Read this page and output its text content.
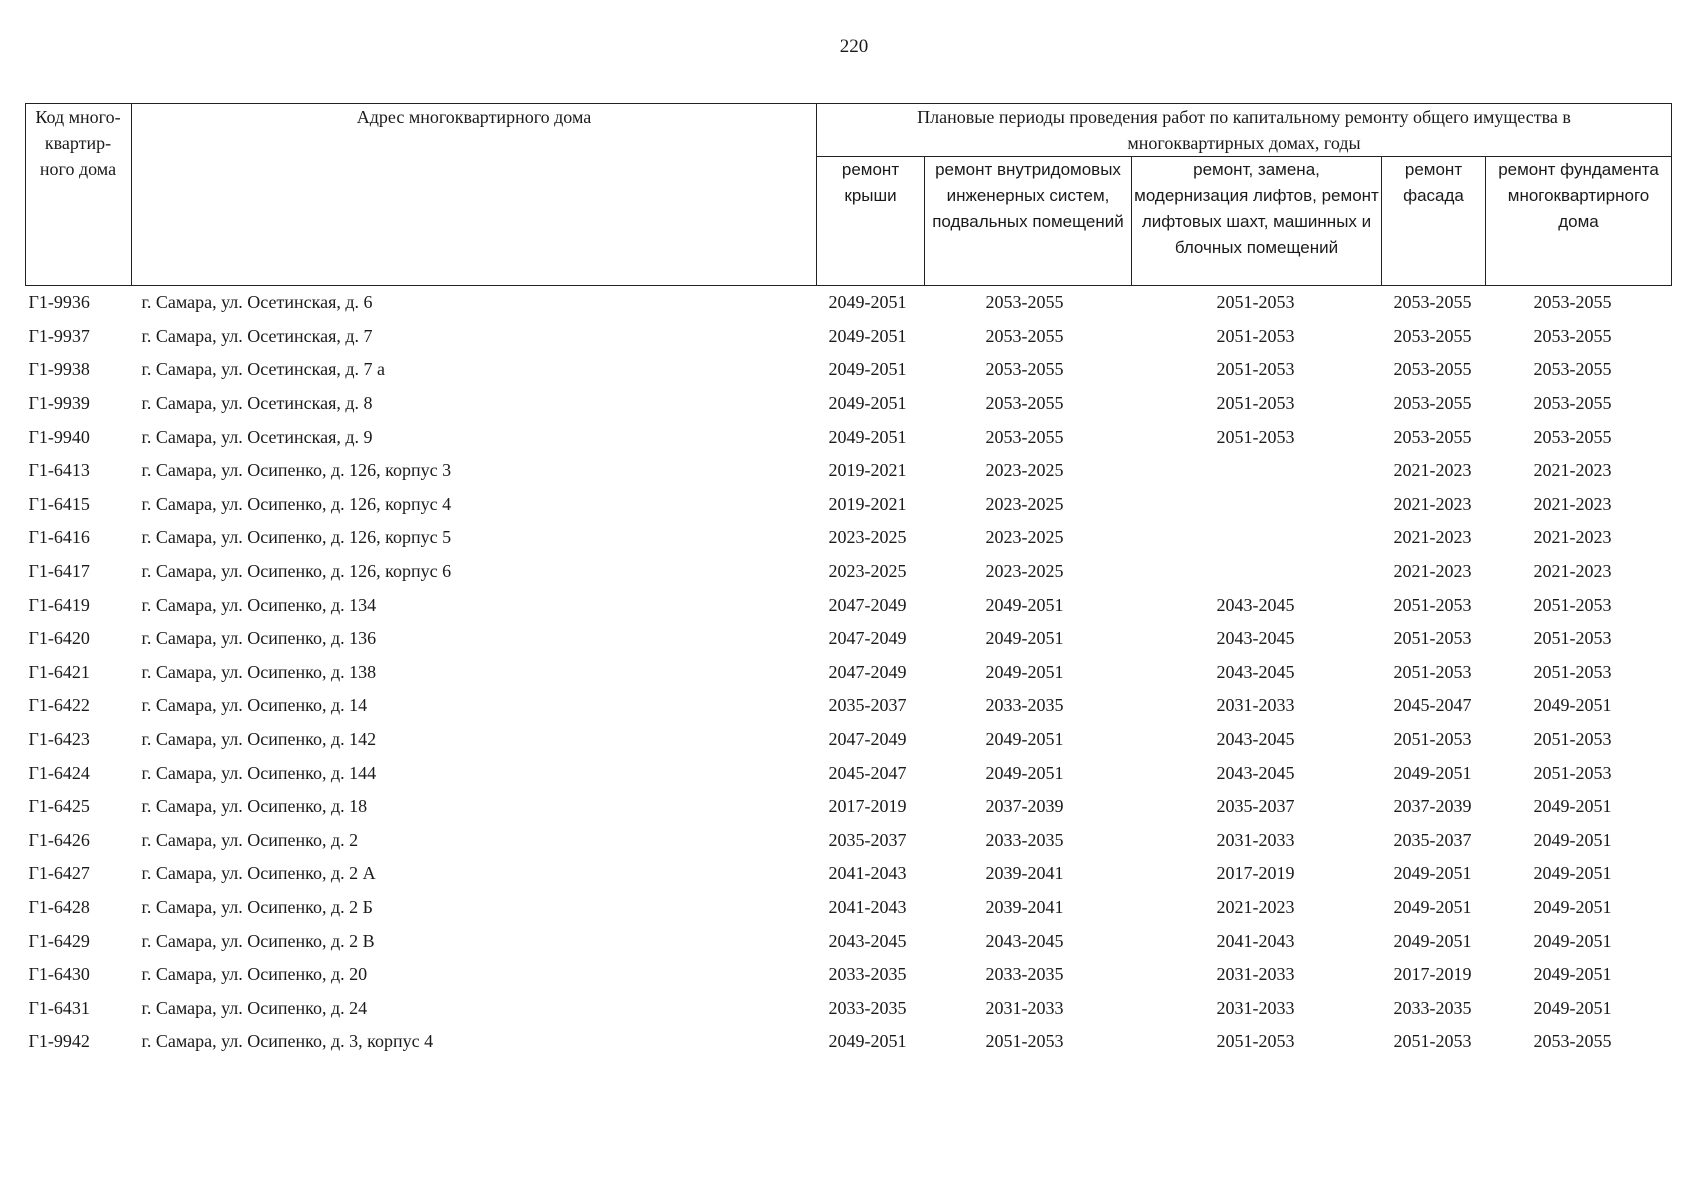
220
Код много-квартир-ного дома	Адрес многоквартирного дома	Плановые периоды проведения работ по капитальному ремонту общего имущества в многоквартирных домах, годы				
		ремонт крыши	ремонт внутридомовых инженерных систем, подвальных помещений	ремонт, замена, модернизация лифтов, ремонт лифтовых шахт, машинных и блочных помещений	ремонт фасада	ремонт фундамента многоквартирного дома
Г1-9936	г. Самара, ул. Осетинская, д. 6	2049-2051	2053-2055	2051-2053	2053-2055	2053-2055
Г1-9937	г. Самара, ул. Осетинская, д. 7	2049-2051	2053-2055	2051-2053	2053-2055	2053-2055
Г1-9938	г. Самара, ул. Осетинская, д. 7 а	2049-2051	2053-2055	2051-2053	2053-2055	2053-2055
Г1-9939	г. Самара, ул. Осетинская, д. 8	2049-2051	2053-2055	2051-2053	2053-2055	2053-2055
Г1-9940	г. Самара, ул. Осетинская, д. 9	2049-2051	2053-2055	2051-2053	2053-2055	2053-2055
Г1-6413	г. Самара, ул. Осипенко, д. 126, корпус 3	2019-2021	2023-2025		2021-2023	2021-2023
Г1-6415	г. Самара, ул. Осипенко, д. 126, корпус 4	2019-2021	2023-2025		2021-2023	2021-2023
Г1-6416	г. Самара, ул. Осипенко, д. 126, корпус 5	2023-2025	2023-2025		2021-2023	2021-2023
Г1-6417	г. Самара, ул. Осипенко, д. 126, корпус 6	2023-2025	2023-2025		2021-2023	2021-2023
Г1-6419	г. Самара, ул. Осипенко, д. 134	2047-2049	2049-2051	2043-2045	2051-2053	2051-2053
Г1-6420	г. Самара, ул. Осипенко, д. 136	2047-2049	2049-2051	2043-2045	2051-2053	2051-2053
Г1-6421	г. Самара, ул. Осипенко, д. 138	2047-2049	2049-2051	2043-2045	2051-2053	2051-2053
Г1-6422	г. Самара, ул. Осипенко, д. 14	2035-2037	2033-2035	2031-2033	2045-2047	2049-2051
Г1-6423	г. Самара, ул. Осипенко, д. 142	2047-2049	2049-2051	2043-2045	2051-2053	2051-2053
Г1-6424	г. Самара, ул. Осипенко, д. 144	2045-2047	2049-2051	2043-2045	2049-2051	2051-2053
Г1-6425	г. Самара, ул. Осипенко, д. 18	2017-2019	2037-2039	2035-2037	2037-2039	2049-2051
Г1-6426	г. Самара, ул. Осипенко, д. 2	2035-2037	2033-2035	2031-2033	2035-2037	2049-2051
Г1-6427	г. Самара, ул. Осипенко, д. 2 А	2041-2043	2039-2041	2017-2019	2049-2051	2049-2051
Г1-6428	г. Самара, ул. Осипенко, д. 2 Б	2041-2043	2039-2041	2021-2023	2049-2051	2049-2051
Г1-6429	г. Самара, ул. Осипенко, д. 2 В	2043-2045	2043-2045	2041-2043	2049-2051	2049-2051
Г1-6430	г. Самара, ул. Осипенко, д. 20	2033-2035	2033-2035	2031-2033	2017-2019	2049-2051
Г1-6431	г. Самара, ул. Осипенко, д. 24	2033-2035	2031-2033	2031-2033	2033-2035	2049-2051
Г1-9942	г. Самара, ул. Осипенко, д. 3, корпус 4	2049-2051	2051-2053	2051-2053	2051-2053	2053-2055
